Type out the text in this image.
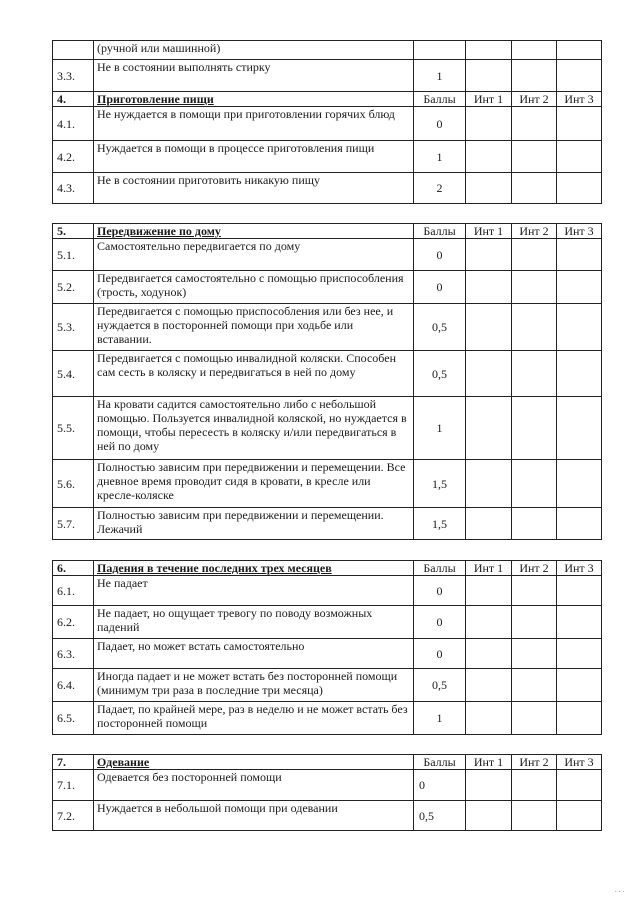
	(ручной или машинной)				
3.3.	Не в состоянии выполнять стирку	1			
4.	Приготовление пищи	Баллы	Инт 1	Инт 2	Инт 3
4.1.	Не нуждается в помощи при приготовлении горячих блюд	0			
4.2.	Нуждается в помощи в процессе приготовления пищи	1			
4.3.	Не в состоянии приготовить никакую пищу	2			
5.	Передвижение по дому	Баллы	Инт 1	Инт 2	Инт 3
5.1.	Самостоятельно передвигается по дому	0			
5.2.	Передвигается самостоятельно с помощью приспособления (трость, ходунок)	0			
5.3.	Передвигается с помощью приспособления или без нее, и нуждается в посторонней помощи при ходьбе или вставании.	0,5			
5.4.	Передвигается с помощью инвалидной коляски. Способен сам сесть в коляску и передвигаться в ней по дому	0,5			
5.5.	На кровати садится самостоятельно либо с небольшой помощью. Пользуется инвалидной коляской, но нуждается в помощи, чтобы пересесть в коляску и/или передвигаться в ней по дому	1			
5.6.	Полностью зависим при передвижении и перемещении. Все дневное время проводит сидя в кровати, в кресле или кресле-коляске	1,5			
5.7.	Полностью зависим при передвижении и перемещении. Лежачий	1,5			
6.	Падения в течение последних трех месяцев	Баллы	Инт 1	Инт 2	Инт 3
6.1.	Не падает	0			
6.2.	Не падает, но ощущает тревогу по поводу возможных падений	0			
6.3.	Падает, но может встать самостоятельно	0			
6.4.	Иногда падает и не может встать без посторонней помощи (минимум три раза в последние три месяца)	0,5			
6.5.	Падает, по крайней мере, раз в неделю и не может встать без посторонней помощи	1			
7.	Одевание	Баллы	Инт 1	Инт 2	Инт 3
7.1.	Одевается без посторонней помощи	0			
7.2.	Нуждается в небольшой помощи при одевании	0,5			
...
